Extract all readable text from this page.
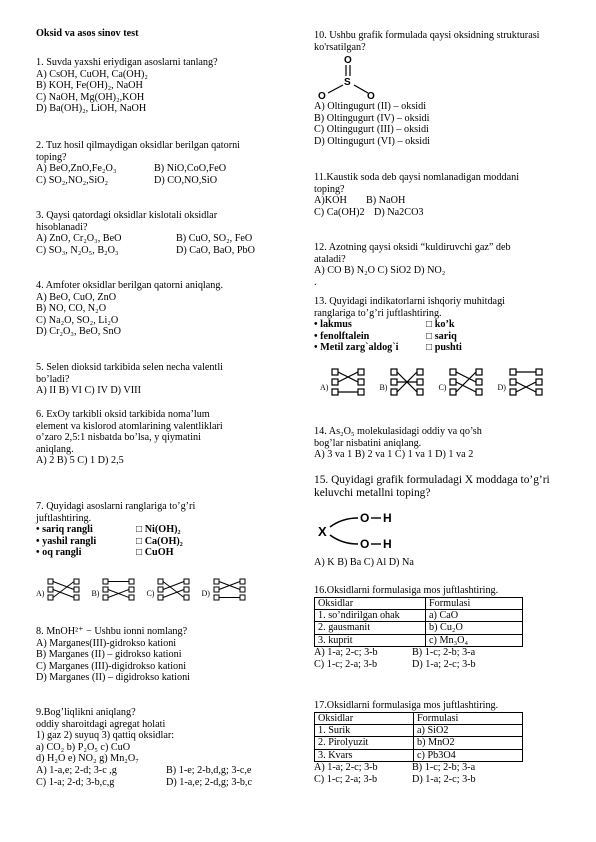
Oksid va asos sinov test
1. Suvda yaxshi eriydigan asoslarni tanlang?
A) CsOH, CuOH, Ca(OH)₂
B) KOH, Fe(OH)₂, NaOH
C) NaOH, Mg(OH)₂,KOH
D) Ba(OH)₂, LiOH, NaOH
2. Tuz hosil qilmaydigan oksidlar berilgan qatorni
toping?
A) BeO,ZnO,Fe₂O₃	B) NiO,CoO,FeO
C) SO₂,NO₂,SiO₂	D) CO,NO,SiO
3. Qaysi qatordagi oksidlar kislotali oksidlar
hisoblanadi?
A) ZnO, Cr₂O₃, BeO	B) CuO, SO₂, FeO
C) SO₃, N₂O₅, B₂O₃	D) CaO, BaO, PbO
4. Amfoter oksidlar berilgan qatorni aniqlang.
A) BeO, CuO, ZnO
B) NO, CO, N₂O
C) Na₂O, SO₂, Li₂O
D) Cr₂O₃, BeO, SnO
5. Selen dioksid tarkibida selen necha valentli
bo’ladi?
A) II B) VI C) IV D) VIII
6. ExOy tarkibli oksid tarkibida noma’lum
element va kislorod atomlarining valentliklari
o’zaro 2,5:1 nisbatda bo’lsa, y qiymatini
aniqlang.
A) 2 B) 5 C) 1 D) 2,5
7. Quyidagi asoslarni ranglariga to’g’ri
juftlashtiring.
• sariq rangli	□ Ni(OH)₂
• yashil rangli	□ Ca(OH)₂
• oq rangli	□ CuOH
A)	B)	C)	D)
8. MnOH²⁺ − Ushbu ionni nomlang?
A) Marganes(III)-gidrokso kationi
B) Marganes (II) – gidrokso kationi
C) Marganes (III)-digidrokso kationi
D) Marganes (II) – digidrokso kationi
9.Bog’liqlikni aniqlang?
oddiy sharoitdagi agregat holati
1) gaz 2) suyuq 3) qattiq oksidlar:
a) CO₂ b) P₂O₅ c) CuO
d) H₂O e) NO₂ g) Mn₂O₇
A) 1-a,e; 2-d; 3-c ,g	B) 1-e; 2-b,d,g; 3-c,e
C) 1-a; 2-d; 3-b,c,g	D) 1-a,e; 2-d,g; 3-b,c
10. Ushbu grafik formulada qaysi oksidning strukturasi
ko'rsatilgan?
O
S
O	O
A) Oltingugurt (II) – oksidi
B) Oltingugurt (IV) – oksidi
C) Oltingugurt (III) – oksidi
D) Oltingugurt (VI) – oksidi
11.Kaustik soda deb qaysi nomlanadigan moddani
toping?
A)KOH	B) NaOH
C) Ca(OH)2 D) Na2CO3
12. Azotning qaysi oksidi “kuldiruvchi gaz” deb
ataladi?
A) CO B) N₂O C) SiO2 D) NO₂
.
13. Quyidagi indikatorlarni ishqoriy muhitdagi
ranglariga to’g’ri juftlashtiring.
• lakmus	□ ko’k
• fenolftalein	□ sariq
• Metil zarg`aldog`i	□ pushti
A)	B)	C)	D)
14. As₂O₅ molekulasidagi oddiy va qo’sh
bog’lar nisbatini aniqlang.
A) 3 va 1 B) 2 va 1 C) 1 va 1 D) 1 va 2
15. Quyidagi grafik formuladagi X moddaga to’g’ri
keluvchi metallni toping?
X
O H
O H
A) K B) Ba C) Al D) Na
16.Oksidlarni formulasiga mos juftlashtiring.
Oksidlar	Formulasi
1. so’ndirilgan ohak	a) CaO
2. gausmanit	b) Cu₂O
3. kuprit	c) Mn₃O₄
A) 1-a; 2-c; 3-b	B) 1-c; 2-b; 3-a
C) 1-c; 2-a; 3-b	D) 1-a; 2-c; 3-b
17.Oksidlarni formulasiga mos juftlashtiring.
Oksidlar	Formulasi
1. Surik	a) SiO2
2. Pirolyuzit	b) MnO2
3. Kvars	c) Pb3O4
A) 1-a; 2-c; 3-b	B) 1-c; 2-b; 3-a
C) 1-c; 2-a; 3-b	D) 1-a; 2-c; 3-b
